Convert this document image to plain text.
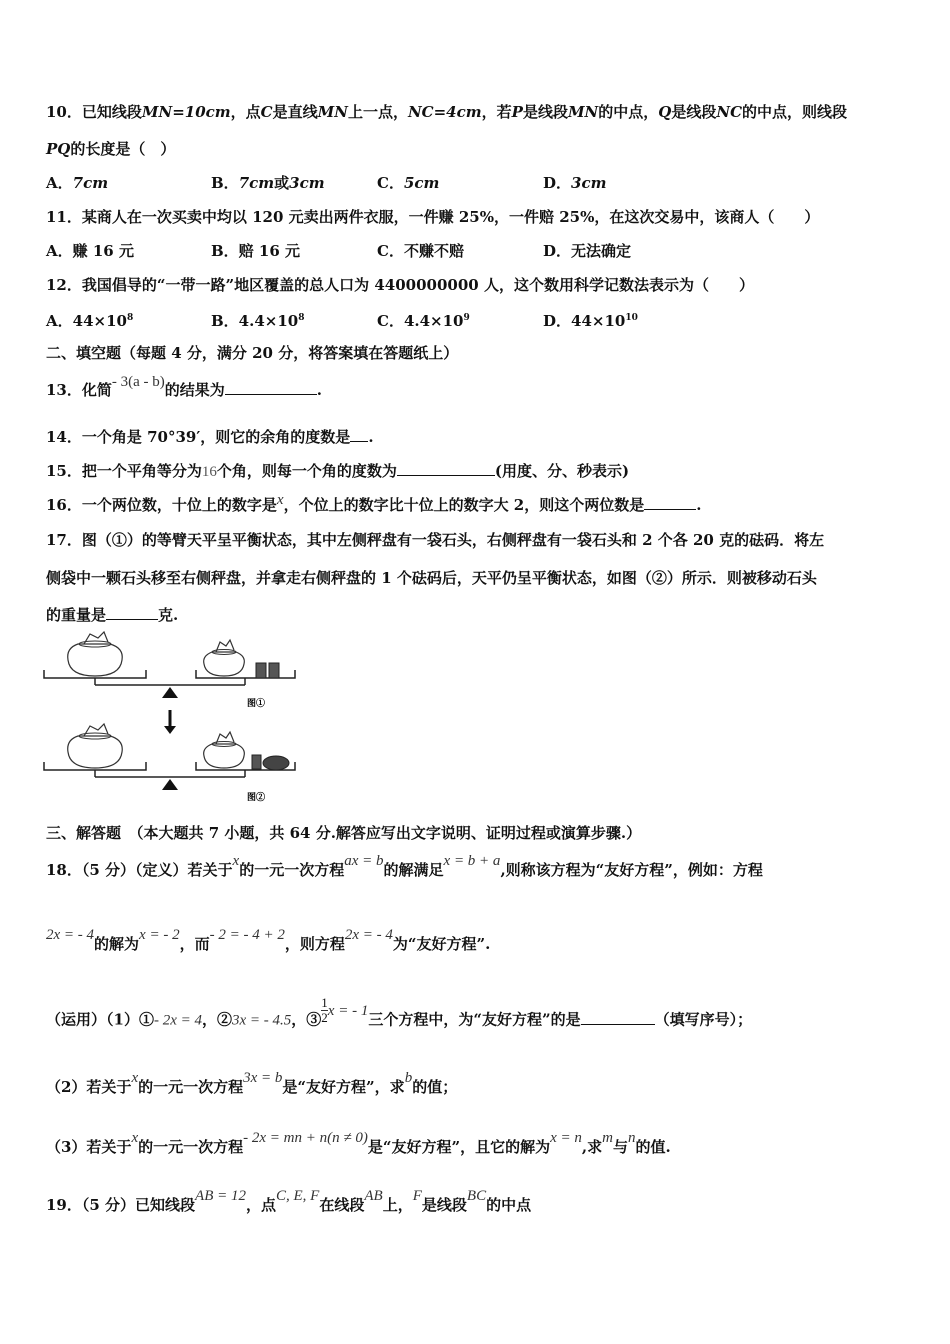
10．已知线段MN=10cm，点C是直线MN上一点，NC=4cm，若P是线段MN的中点，Q是线段NC的中点，则线段
PQ的长度是（　）
A．7cm	B．7cm或3cm	C．5cm	D．3cm
11．某商人在一次买卖中均以 120 元卖出两件衣服，一件赚 25%，一件赔 25%，在这次交易中，该商人（　　）
A．赚 16 元	B．赔 16 元	C．不赚不赔	D．无法确定
12．我国倡导的“一带一路”地区覆盖的总人口为 4400000000 人，这个数用科学记数法表示为（　　）
A．$44\times 10^8$	B．$4.4\times 10^8$	C．$4.4\times 10^9$	D．$44\times 10^{10}$
二、填空题（每题 4 分，满分 20 分，将答案填在答题纸上）
13．化简- 3(a - b)的结果为	.
14．一个角是 70°39′，则它的余角的度数是 .
15．把一个平角等分为16个角，则每一个角的度数为	(用度、分、秒表示)
16．一个两位数，十位上的数字是x，个位上的数字比十位上的数字大 2，则这个两位数是	.
17．图（①）的等臂天平呈平衡状态，其中左侧秤盘有一袋石头，右侧秤盘有一袋石头和 2 个各 20 克的砝码．将左
侧袋中一颗石头移至右侧秤盘，并拿走右侧秤盘的 1 个砝码后，天平仍呈平衡状态，如图（②）所示．则被移动石头
的重量是	克.
图①
图②
三、解答题　（本大题共 7 小题，共 64 分.解答应写出文字说明、证明过程或演算步骤.）
18．（5 分）（定义）若关于x的一元一次方程ax = b的解满足x = b + a,则称该方程为“友好方程”，例如：方程
2x = - 4的解为x = - 2，而- 2 = - 4 + 2，则方程2x = - 4为“友好方程”.
（运用）（1）①- 2x = 4，②3x = - 4.5，③ $\frac{1}{2}$ x = - 1三个方程中，为“友好方程”的是	（填写序号）；
（2）若关于x的一元一次方程3x = b是“友好方程”，求b的值；
（3）若关于x的一元一次方程- 2x = mn + n(n ≠ 0)是“友好方程”，且它的解为x = n,求m与n的值.
19．（5 分）已知线段AB = 12，点C, E, F在线段AB上，F是线段BC的中点
